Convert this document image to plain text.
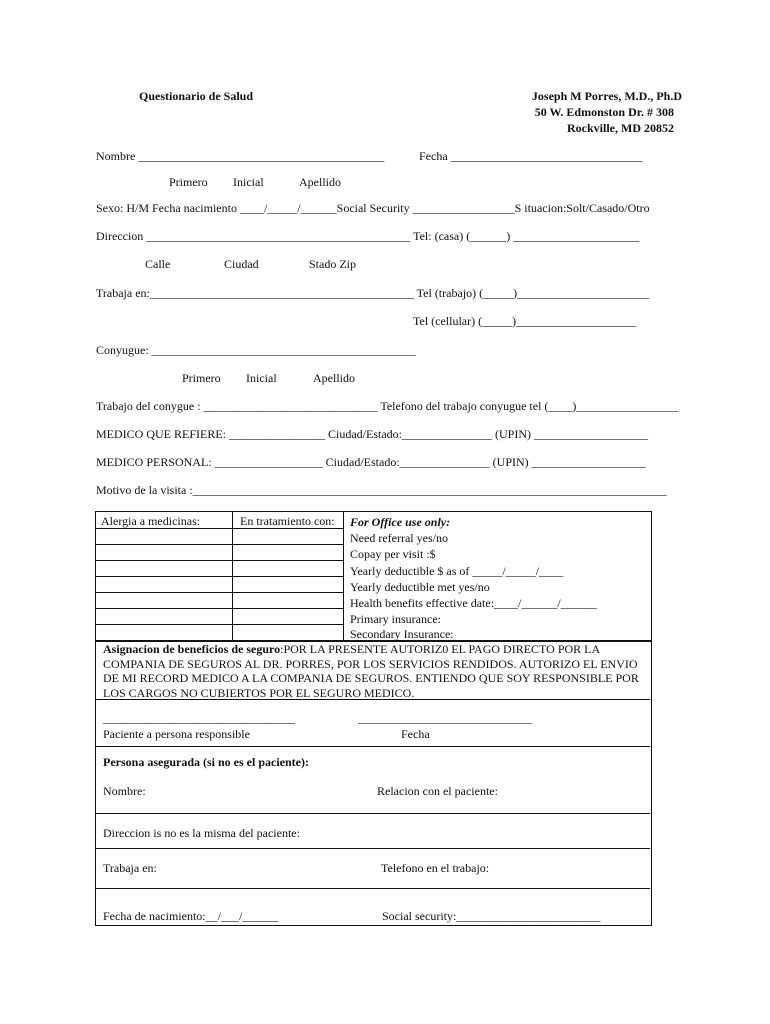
Questionario de Salud	Joseph M Porres, M.D., Ph.D
50 W. Edmonston Dr. # 308
Rockville, MD 20852
Nombre _________________________________________	Fecha ________________________________
Primero Inicial	Apellido
Sexo: H/M Fecha nacimiento ____/_____/______Social Security _________________S ituacion:Solt/Casado/Otro
Direccion ____________________________________________ Tel: (casa) (______) _____________________
Calle	Ciudad	Stado Zip
Trabaja en:____________________________________________ Tel (trabajo) (_____)______________________
Tel (cellular) (_____)____________________
Conyugue: ____________________________________________
Primero Inicial	Apellido
Trabajo del conygue : _____________________________ Telefono del trabajo conyugue tel (____)_________________
MEDICO QUE REFIERE: ________________ Ciudad/Estado:_______________ (UPIN) ___________________
MEDICO PERSONAL: __________________ Ciudad/Estado:_______________ (UPIN) ___________________
Motivo de la visita :_______________________________________________________________________________
Alergia a medicinas:	En tratamiento con: For Office use only:
Need referral yes/no
Copay per visit :$
Yearly deductible $ as of _____/_____/____
Yearly deductible met yes/no
Health benefits effective date:____/______/______
Primary insurance:
Secondary Insurance:
Asignacion de beneficios de seguro:POR LA PRESENTE AUTORIZ0 EL PAGO DIRECTO POR LA COMPANIA DE SEGUROS AL DR. PORRES, POR LOS SERVICIOS RENDIDOS. AUTORIZO EL ENVIO DE MI RECORD MEDICO A LA COMPANIA DE SEGUROS. ENTIENDO QUE SOY RESPONSIBLE POR LOS CARGOS NO CUBIERTOS POR EL SEGURO MEDICO.
________________________________	_____________________________
Paciente a persona responsible	Fecha
Persona asegurada (si no es el paciente):
Nombre:	Relacion con el paciente:
Direccion is no es la misma del paciente:
Trabaja en:	Telefono en el trabajo:
Fecha de nacimiento:__/___/______	Social security:________________________
